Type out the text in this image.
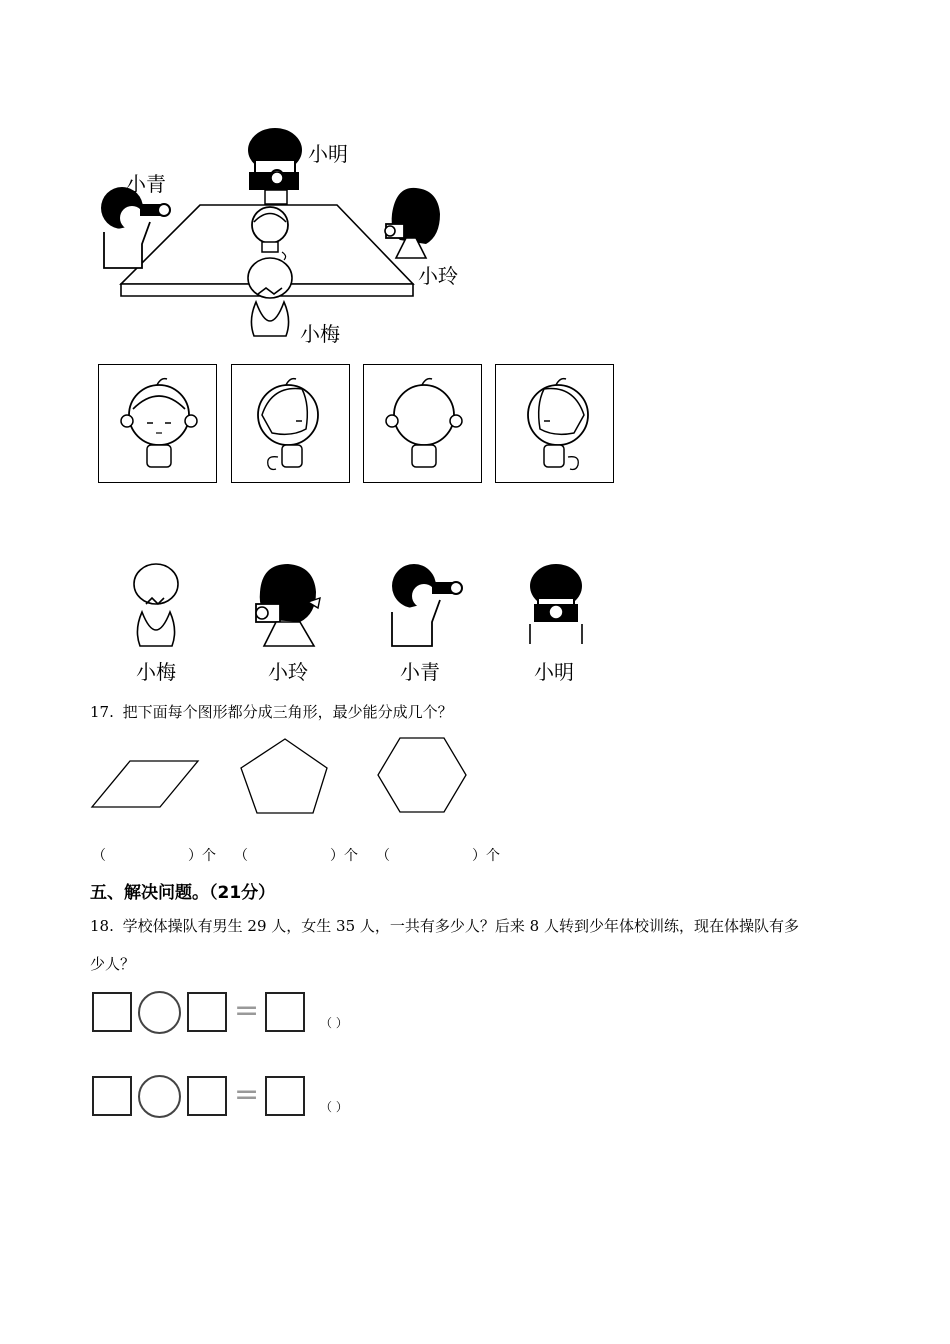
小明
小青
小玲
小梅
小梅	小玲	小青	小明
17. 把下面每个图形都分成三角形，最少能分成几个？
（	）个 （	）个 （	）个
五、解决问题。（21分）
18. 学校体操队有男生 29 人，女生 35 人，一共有多少人？后来 8 人转到少年体校训练，现在体操队有多
少人？
=	（ ）
=	（ ）
